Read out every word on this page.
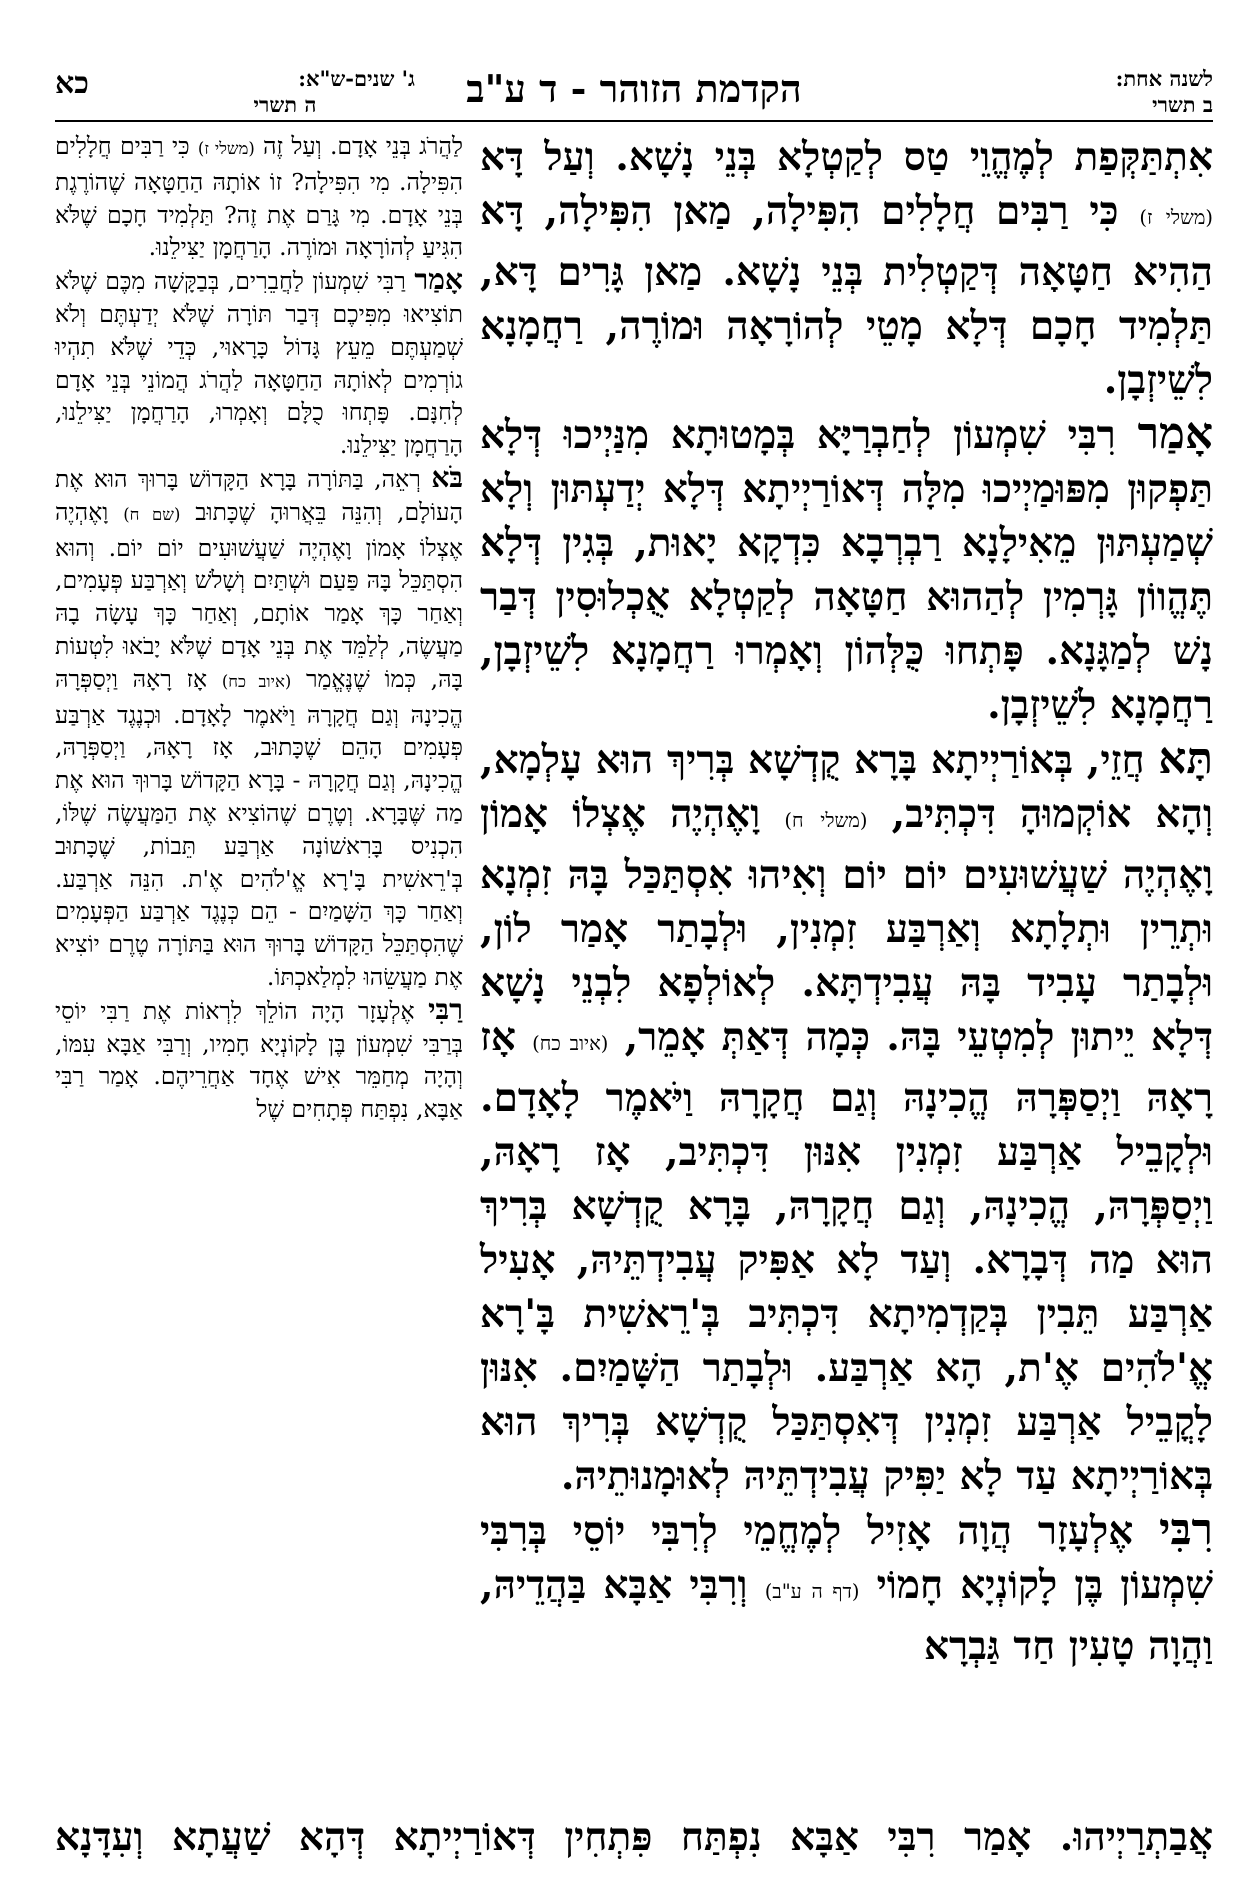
לשנה אחת:
ב תשרי
הקדמת הזוהר - ד ע"ב
כא	ג' שנים-ש"א:
ה תשרי

אִתְתַּקְּפַת לְמֶהֱוֵי טַס לְקַטְלָא בְּנֵי נָשָׁא. וְעַל דָּא (משלי ז) כִּי רַבִּים חֲלָלִים הִפִּילָה, מַאן הִפִּילָה, דָּא הַהִיא חַטָּאָה דְּקַטְלִית בְּנֵי נָשָׁא. מַאן גָּרִים דָּא, תַּלְמִיד חָכָם דְּלָא מָטֵי לְהוֹרָאָה וּמוֹרֶה, רַחֲמָנָא לִשֵׁיזְבָן.

אָמַר רִבִּי שִׁמְעוֹן לְחַבְרַיָּא בְּמָטוּתָא מִנַּיְיכוּ דְּלָא תַּפְקוּן מִפּוּמַיְיכוּ מִלָּה דְּאוֹרַיְיתָא דְּלָא יְדַעְתּוּן וְלָא שְׁמַעְתּוּן מֵאִילָנָא רַבְרְבָא כִּדְקָא יָאוּת, בְּגִין דְּלָא תֶּהֱווֹן גָּרְמִין לְהַהוּא חַטָּאָה לְקַטְלָא אֻכְלוּסִין דְּבַר נָשׁ לְמַגָּנָא. פָּתְחוּ כֻּלְּהוֹן וְאָמְרוּ רַחֲמָנָא לִשֵׁיזְבָן, רַחֲמָנָא לִשֵׁיזְבָן.

תָּא חֲזֵי, בְּאוֹרַיְיתָא בָּרָא קֻדְשָׁא בְּרִיךְ הוּא עָלְמָא, וְהָא אוֹקְמוּהָ דִּכְתִּיב, (משלי ח) וָאֶהְיֶה אֶצְלוֹ אָמוֹן וָאֶהְיֶה שַׁעֲשׁוּעִים יוֹם יוֹם וְאִיהוּ אִסְתַּכַּל בָּהּ זִמְנָא וּתְרֵין וּתְלָתָא וְאַרְבַּע זִמְנִין, וּלְבָתַר אָמַר לוֹן, וּלְבָתַר עָבִיד בָּהּ עֲבִידְתָּא. לְאוֹלְפָא לִבְנֵי נָשָׁא דְּלָא יֵיתוּן לְמִטְעֵי בָּהּ. כְּמָה דְּאַתְּ אָמֵר, (איוב כח) אָז רָאָהּ וַיְסַפְּרָהּ הֱכִינָהּ וְגַם חֲקָרָהּ וַיֹּאמֶר לָאָדָם. וּלְקָבֵיל אַרְבַּע זִמְנִין אִנּוּן דִּכְתִּיב, אָז רָאָהּ, וַיְסַפְּרָהּ, הֱכִינָהּ, וְגַם חֲקָרָהּ, בָּרָא קֻדְשָׁא בְּרִיךְ הוּא מַה דְּבָרָא. וְעַד לָא אַפִּיק עֲבִידְתֵּיהּ, אָעִיל אַרְבַּע תֵּבִין בְּקַדְמִיתָא דִּכְתִּיב בְּ'רֵאשִׁית בָּ'רָא אֱ'לֹהִים אֶ'ת, הָא אַרְבַּע. וּלְבָתַר הַשָּׁמַיִם. אִנּוּן לָקֳבֵיל אַרְבַּע זִמְנִין דְּאִסְתַּכַּל קֻדְשָׁא בְּרִיךְ הוּא בְּאוֹרַיְיתָא עַד לָא יַפִּיק עֲבִידְתֵּיהּ לְאוּמָנוּתֵיהּ.

רִבִּי אֶלְעָזָר הֲוָה אָזִיל לְמֶחֱמֵי לְרִבִּי יוֹסֵי בְּרִבִּי שִׁמְעוֹן בֶּן לָקוֹנְיָא חָמוֹי (דף ה ע"ב) וְרִבִּי אַבָּא בַּהֲדֵיהּ, וַהֲוָה טָעִין חַד גַּבְרָא

לַהֲרֹג בְּנֵי אָדָם. וְעַל זֶה (משלי ז) כִּי רַבִּים חֲלָלִים הִפִּילָה. מִי הִפִּילָה? זוֹ אוֹתָהּ הַחַטָּאָה שֶׁהוֹרֶגֶת בְּנֵי אָדָם. מִי גָּרַם אֶת זֶה? תַּלְמִיד חָכָם שֶׁלֹּא הִגִּיעַ לְהוֹרָאָה וּמוֹרֶה. הָרַחֲמָן יַצִּילֵנוּ.

אָמַר רַבִּי שִׁמְעוֹן לַחֲבֵרִים, בְּבַקָּשָׁה מִכֶּם שֶׁלֹּא תוֹצִיאוּ מִפִּיכֶם דְּבַר תּוֹרָה שֶׁלֹּא יְדַעְתֶּם וְלֹא שְׁמַעְתֶּם מֵעֵץ גָּדוֹל כָּרָאוּי, כְּדֵי שֶׁלֹּא תִהְיוּ גוֹרְמִים לְאוֹתָהּ הַחַטָּאָה לַהֲרֹג הֲמוֹנֵי בְּנֵי אָדָם לְחִנָּם. פָּתְחוּ כֻלָּם וְאָמְרוּ, הָרַחֲמָן יַצִּילֵנוּ, הָרַחֲמָן יַצִּילֵנוּ.

בֹּא רְאֵה, בַּתּוֹרָה בָּרָא הַקָּדוֹשׁ בָּרוּךְ הוּא אֶת הָעוֹלָם, וְהִנֵּה בֵּאֲרוּהָ שֶׁכָּתוּב (שם ח) וָאֶהְיֶה אֶצְלוֹ אָמוֹן וָאֶהְיֶה שַׁעֲשׁוּעִים יוֹם יוֹם. וְהוּא הִסְתַּכֵּל בָּהּ פַּעַם וּשְׁתַּיִם וְשָׁלֹשׁ וְאַרְבַּע פְּעָמִים, וְאַחַר כָּךְ אָמַר אוֹתָם, וְאַחַר כָּךְ עָשָׂה בָהּ מַעֲשֶׂה, לְלַמֵּד אֶת בְּנֵי אָדָם שֶׁלֹּא יָבֹאוּ לִטְעוֹת בָּהּ, כְּמוֹ שֶׁנֶּאֱמַר (איוב כח) אָז רָאָהּ וַיְסַפְּרָהּ הֱכִינָהּ וְגַם חֲקָרָהּ וַיֹּאמֶר לָאָדָם. וּכְנֶגֶד אַרְבַּע פְּעָמִים הָהֵם שֶׁכָּתוּב, אָז רָאָהּ, וַיְסַפְּרָהּ, הֱכִינָהּ, וְגַם חֲקָרָהּ - בָּרָא הַקָּדוֹשׁ בָּרוּךְ הוּא אֶת מַה שֶּׁבָּרָא. וְטֶרֶם שֶׁהוֹצִיא אֶת הַמַּעֲשֶׂה שֶׁלּוֹ, הִכְנִיס בָּרִאשׁוֹנָה אַרְבַּע תֵּבוֹת, שֶׁכָּתוּב בְּ'רֵאשִׁית בָּ'רָא אֱ'לֹהִים אֶ'ת. הִנֵּה אַרְבַּע. וְאַחַר כָּךְ הַשָּׁמַיִם - הֵם כְּנֶגֶד אַרְבַּע הַפְּעָמִים שֶׁהִסְתַּכֵּל הַקָּדוֹשׁ בָּרוּךְ הוּא בַּתּוֹרָה טֶרֶם יוֹצִיא אֶת מַעֲשֵׂהוּ לִמְלַאכְתּוֹ.

רַבִּי אֶלְעָזָר הָיָה הוֹלֵךְ לִרְאוֹת אֶת רַבִּי יוֹסֵי בְּרַבִּי שִׁמְעוֹן בֶּן לָקוֹנְיָא חָמִיו, וְרַבִּי אַבָּא עִמּוֹ, וְהָיָה מְחַמֵּר אִישׁ אֶחָד אַחֲרֵיהֶם. אָמַר רַבִּי אַבָּא, נִפְתַּח פְּתָחִים שֶׁל

אֲבַתְרַיְיהוּ. אָמַר רִבִּי אַבָּא נִפְתַּח פִּתְחִין דְּאוֹרַיְיתָא דְּהָא שַׁעֲתָא וְעִדָּנָא
